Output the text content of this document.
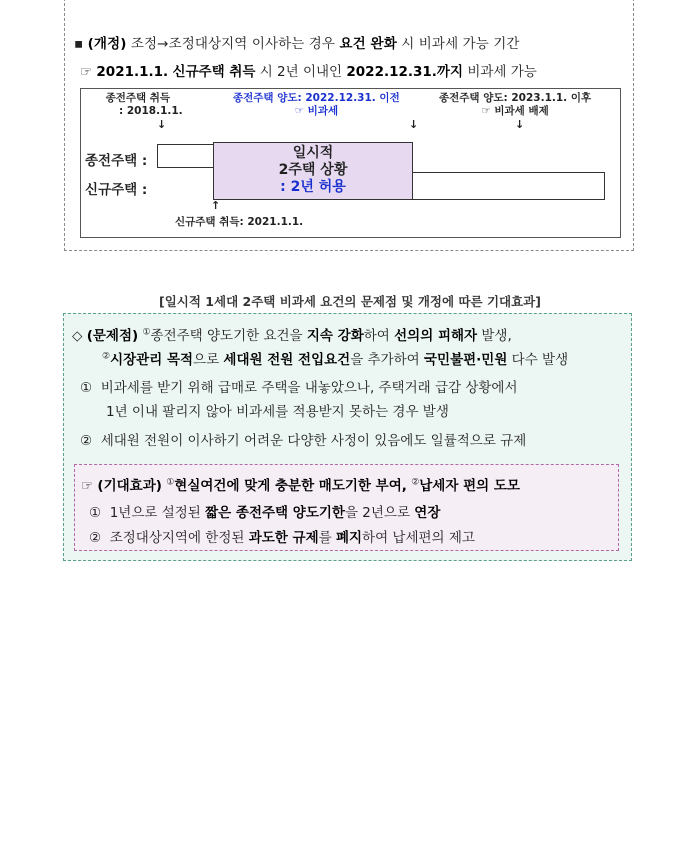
▪ (개정) 조정→조정대상지역 이사하는 경우 요건 완화 시 비과세 가능 기간
☞ 2021.1.1. 신규주택 취득 시 2년 이내인 2022.12.31.까지 비과세 가능
종전주택 취득
: 2018.1.1.
↓
종전주택 양도: 2022.12.31. 이전
☞ 비과세
↓
종전주택 양도: 2023.1.1. 이후
☞ 비과세 배제
↓
종전주택 :
신규주택 :
일시적
2주택 상황
: 2년 허용
↑
신규주택 취득: 2021.1.1.
[일시적 1세대 2주택 비과세 요건의 문제점 및 개정에 따른 기대효과]
◇ (문제점) ①종전주택 양도기한 요건을 지속 강화하여 선의의 피해자 발생,
②시장관리 목적으로 세대원 전원 전입요건을 추가하여 국민불편·민원 다수 발생
① 비과세를 받기 위해 급매로 주택을 내놓았으나, 주택거래 급감 상황에서
1년 이내 팔리지 않아 비과세를 적용받지 못하는 경우 발생
② 세대원 전원이 이사하기 어려운 다양한 사정이 있음에도 일률적으로 규제
☞ (기대효과) ①현실여건에 맞게 충분한 매도기한 부여, ②납세자 편의 도모
① 1년으로 설정된 짧은 종전주택 양도기한을 2년으로 연장
② 조정대상지역에 한정된 과도한 규제를 폐지하여 납세편의 제고
